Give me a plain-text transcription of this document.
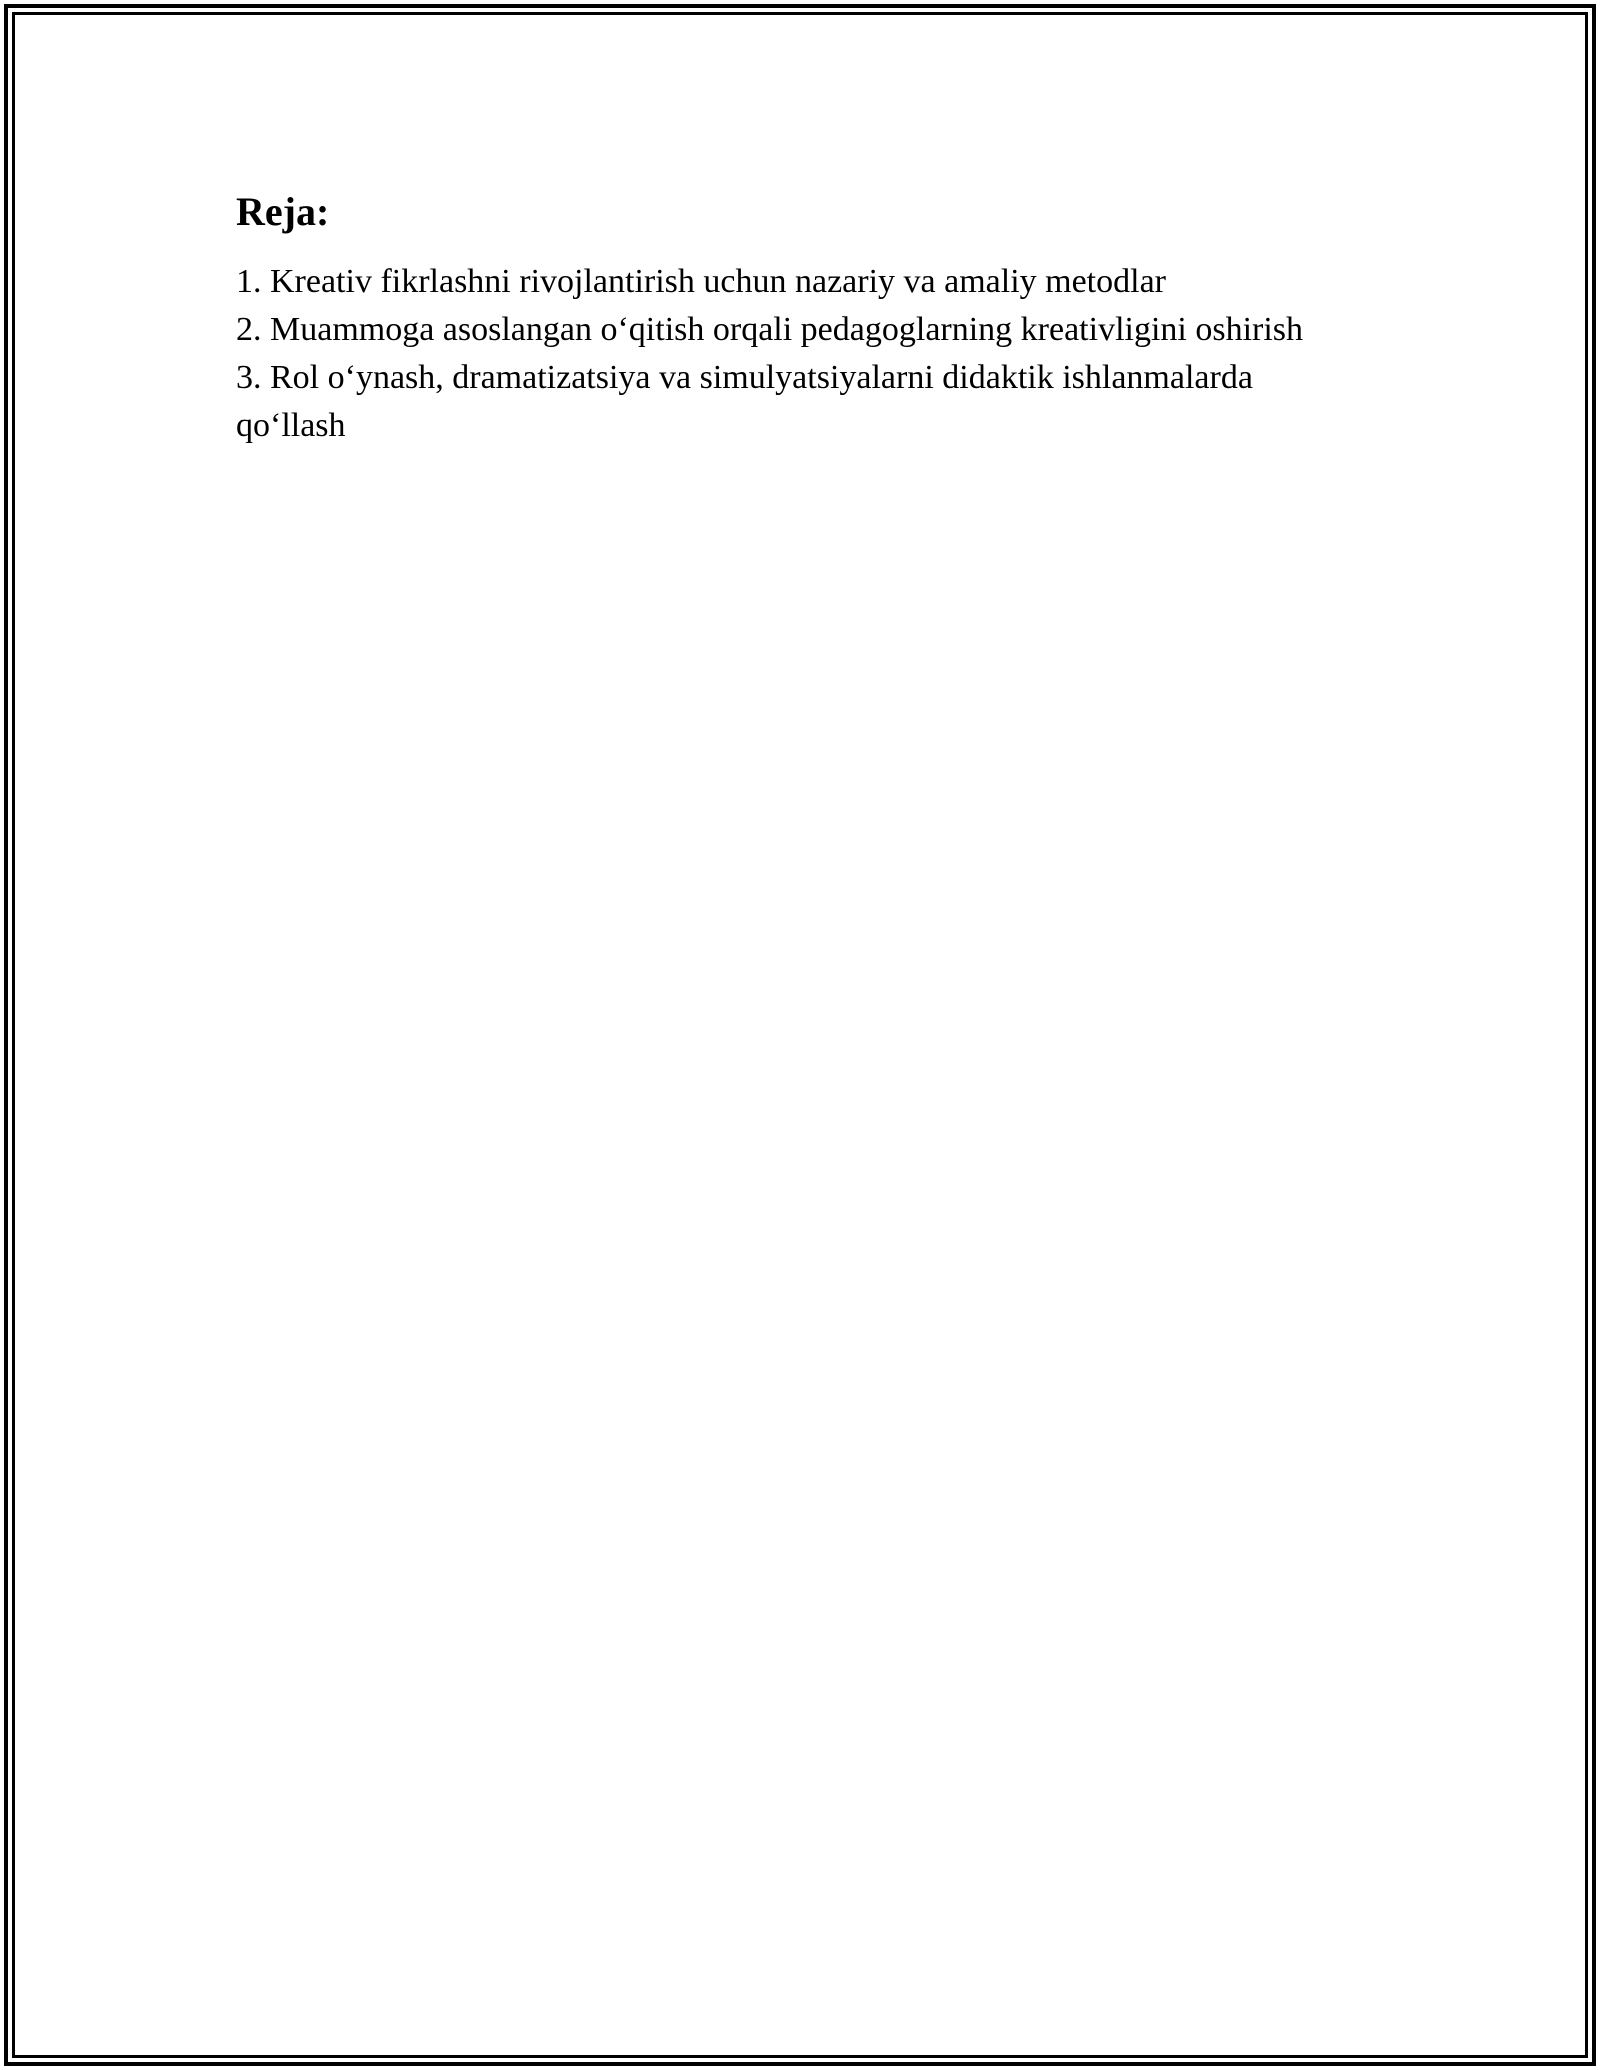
Reja:
1. Kreativ fikrlashni rivojlantirish uchun nazariy va amaliy metodlar
2. Muammoga asoslangan o‘qitish orqali pedagoglarning kreativligini oshirish
3. Rol o‘ynash, dramatizatsiya va simulyatsiyalarni didaktik ishlanmalarda qo‘llash
